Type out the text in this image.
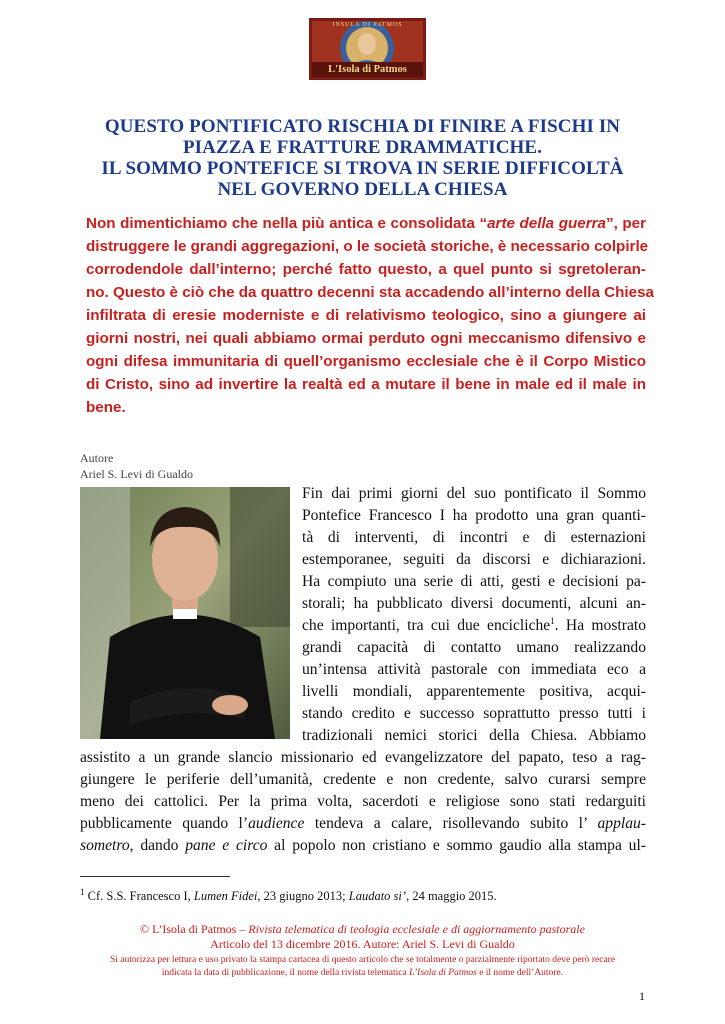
L'Isola di Patmos
INSULA DI PATMOS
QUESTO PONTIFICATO RISCHIA DI FINIRE A FISCHI IN
PIAZZA E FRATTURE DRAMMATICHE.
IL SOMMO PONTEFICE SI TROVA IN SERIE DIFFICOLTÀ
NEL GOVERNO DELLA CHIESA
Non dimentichiamo che nella più antica e consolidata “arte della guerra”, per
distruggere le grandi aggregazioni, o le società storiche, è necessario colpirle
corrodendole dall’interno; perché fatto questo, a quel punto si sgretoleran-
no. Questo è ciò che da quattro decenni sta accadendo all’interno della Chiesa
infiltrata di eresie moderniste e di relativismo teologico, sino a giungere ai
giorni nostri, nei quali abbiamo ormai perduto ogni meccanismo difensivo e
ogni difesa immunitaria di quell’organismo ecclesiale che è il Corpo Mistico
di Cristo, sino ad invertire la realtà ed a mutare il bene in male ed il male in
bene.
Autore
Ariel S. Levi di Gualdo
Fin dai primi giorni del suo pontificato il Sommo
Pontefice Francesco I ha prodotto una gran quanti-
tà di interventi, di incontri e di esternazioni
estemporanee, seguiti da discorsi e dichiarazioni.
Ha compiuto una serie di atti, gesti e decisioni pa-
storali; ha pubblicato diversi documenti, alcuni an-
che importanti, tra cui due encicliche$^1$. Ha mostrato
grandi capacità di contatto umano realizzando
un’intensa attività pastorale con immediata eco a
livelli mondiali, apparentemente positiva, acqui-
stando credito e successo soprattutto presso tutti i
tradizionali nemici storici della Chiesa. Abbiamo
assistito a un grande slancio missionario ed evangelizzatore del papato, teso a rag-
giungere le periferie dell’umanità, credente e non credente, salvo curarsi sempre
meno dei cattolici. Per la prima volta, sacerdoti e religiose sono stati redarguiti
pubblicamente quando l’audience tendeva a calare, risollevando subito l’ applau-
sometro, dando pane e circo al popolo non cristiano e sommo gaudio alla stampa ul-
$^1$ Cf. S.S. Francesco I, Lumen Fidei, 23 giugno 2013; Laudato si’, 24 maggio 2015.
© L’Isola di Patmos – Rivista telematica di teologia ecclesiale e di aggiornamento pastorale
Articolo del 13 dicembre 2016. Autore: Ariel S. Levi di Gualdo
Si autorizza per lettura e uso privato la stampa cartacea di questo articolo che se totalmente o parzialmente riportato deve però recare
indicata la data di pubblicazione, il nome della rivista telematica L’Isola di Patmos e il nome dell’Autore.
1
